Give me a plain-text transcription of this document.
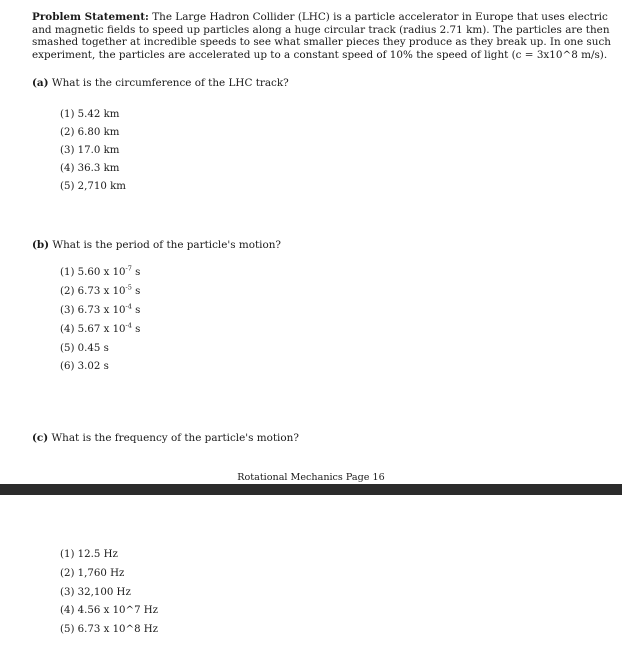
Problem Statement: The Large Hadron Collider (LHC) is a particle accelerator in Europe that uses electric and magnetic fields to speed up particles along a huge circular track (radius 2.71 km). The particles are then smashed together at incredible speeds to see what smaller pieces they produce as they break up. In one such experiment, the particles are accelerated up to a constant speed of 10% the speed of light (c = 3x10^8 m/s).
(a) What is the circumference of the LHC track?
(1) 5.42 km
(2) 6.80 km
(3) 17.0 km
(4) 36.3 km
(5) 2,710 km
(b) What is the period of the particle's motion?
(1) 5.60 x $10^{-7}$ s
(2) 6.73 x $10^{-5}$ s
(3) 6.73 x $10^{-4}$ s
(4) 5.67 x $10^{-4}$ s
(5) 0.45 s
(6) 3.02 s
(c) What is the frequency of the particle's motion?
Rotational Mechanics Page 16
(1) 12.5 Hz
(2) 1,760 Hz
(3) 32,100 Hz
(4) 4.56 x 10^7 Hz
(5) 6.73 x 10^8 Hz
